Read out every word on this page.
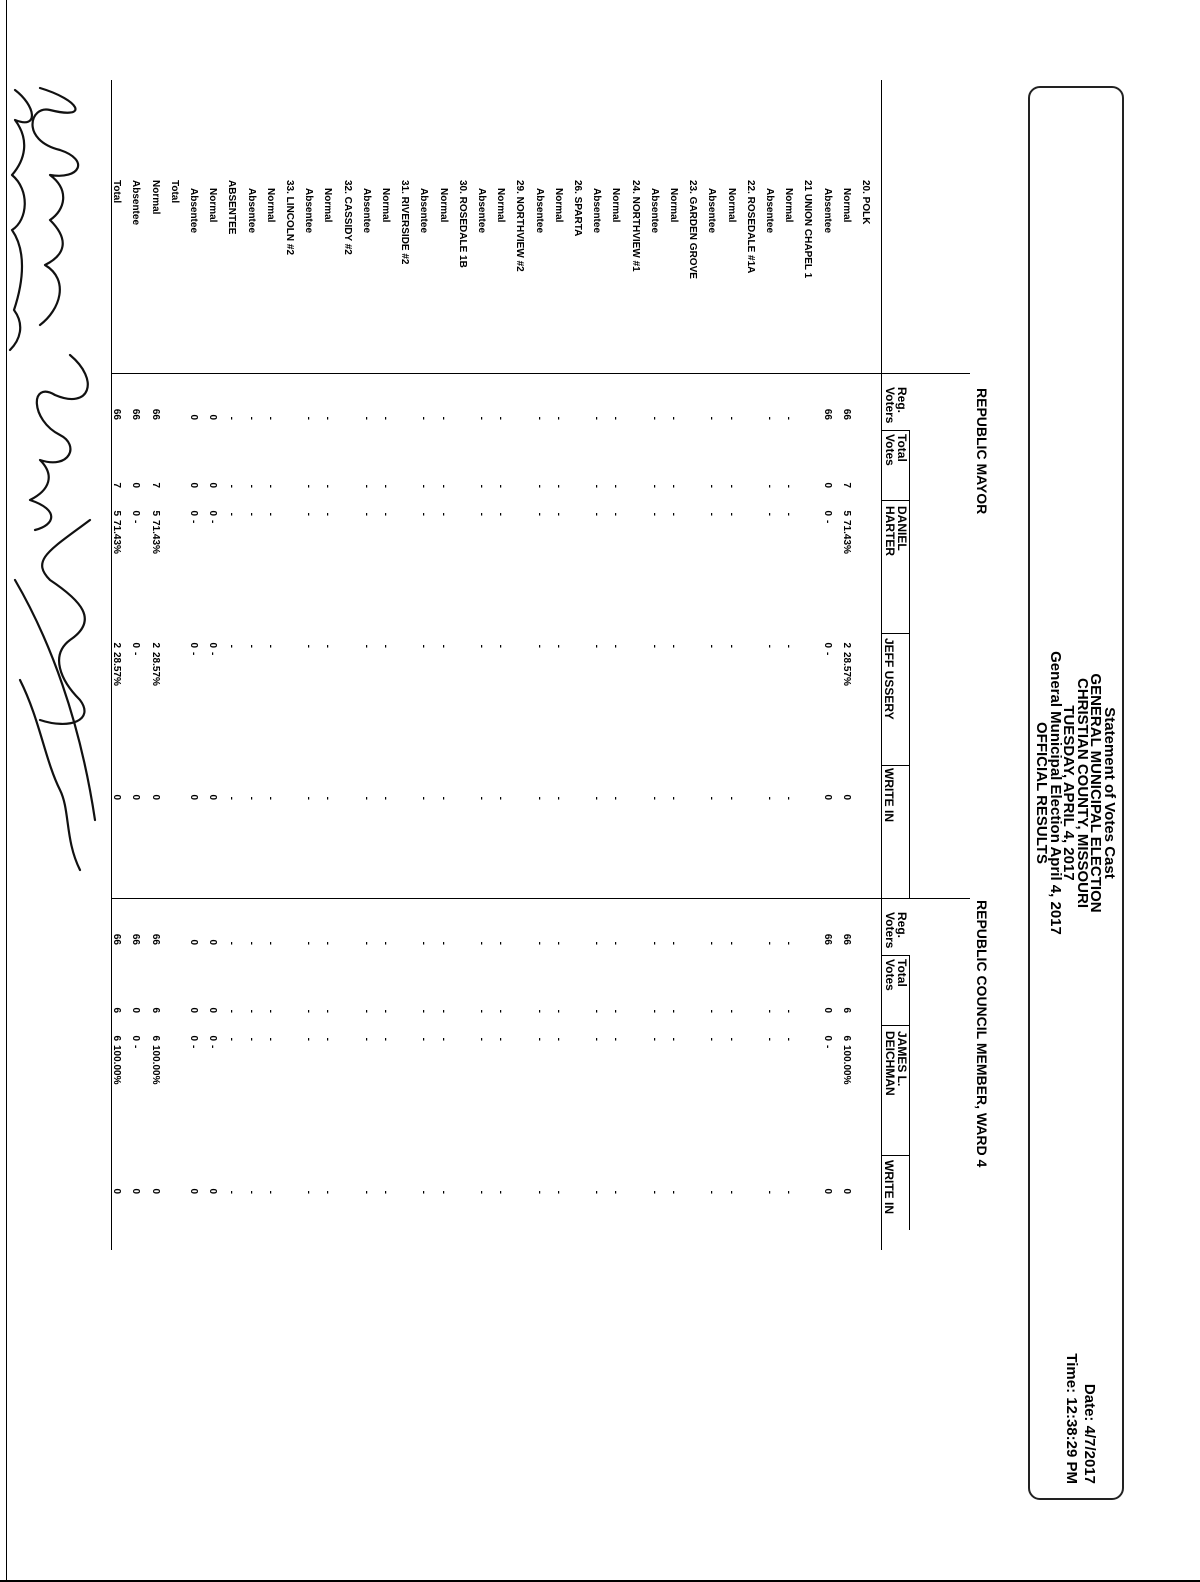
Statement of Votes Cast
GENERAL MUNICIPAL ELECTION
CHRISTIAN COUNTY, MISSOURI
TUESDAY, APRIL 4, 2017
General Municipal Election April 4, 2017
OFFICIAL RESULTS
Date: 4/7/2017
Time: 12:38:29 PM
REPUBLIC MAYOR
REPUBLIC COUNCIL MEMBER, WARD 4
Reg.
Voters
Total
Votes
DANIEL
HARTER
JEFF USSERY
WRITE IN
Reg.
Voters
Total
Votes
JAMES L.
DEICHMAN
WRITE IN
20. POLK
Normal
66
7
5
71.43%
2
28.57%
0
66
6
6
100.00%
0
Absentee
66
0
0
-
0
-
0
66
0
0
-
0
21 UNION CHAPEL 1
Normal
-
-
-
-
-
-
-
-
-
Absentee
-
-
-
-
-
-
-
-
-
22. ROSEDALE #1A
Normal
-
-
-
-
-
-
-
-
-
Absentee
-
-
-
-
-
-
-
-
-
23. GARDEN GROVE
Normal
-
-
-
-
-
-
-
-
-
Absentee
-
-
-
-
-
-
-
-
-
24. NORTHVIEW #1
Normal
-
-
-
-
-
-
-
-
-
Absentee
-
-
-
-
-
-
-
-
-
26. SPARTA
Normal
-
-
-
-
-
-
-
-
-
Absentee
-
-
-
-
-
-
-
-
-
29. NORTHVIEW #2
Normal
-
-
-
-
-
-
-
-
-
Absentee
-
-
-
-
-
-
-
-
-
30. ROSEDALE 1B
Normal
-
-
-
-
-
-
-
-
-
Absentee
-
-
-
-
-
-
-
-
-
31. RIVERSIDE #2
Normal
-
-
-
-
-
-
-
-
-
Absentee
-
-
-
-
-
-
-
-
-
32. CASSIDY #2
Normal
-
-
-
-
-
-
-
-
-
Absentee
-
-
-
-
-
-
-
-
-
33. LINCOLN #2
Normal
-
-
-
-
-
-
-
-
-
Absentee
-
-
-
-
-
-
-
-
-
ABSENTEE
-
-
-
-
-
-
-
-
-
Normal
0
0
0
-
0
-
0
0
0
0
-
0
Absentee
0
0
0
-
0
-
0
0
0
0
-
0
Total
Normal
66
7
5
71.43%
2
28.57%
0
66
6
6
100.00%
0
Absentee
66
0
0
-
0
-
0
66
0
0
-
0
Total
66
7
5
71.43%
2
28.57%
0
66
6
6
100.00%
0
